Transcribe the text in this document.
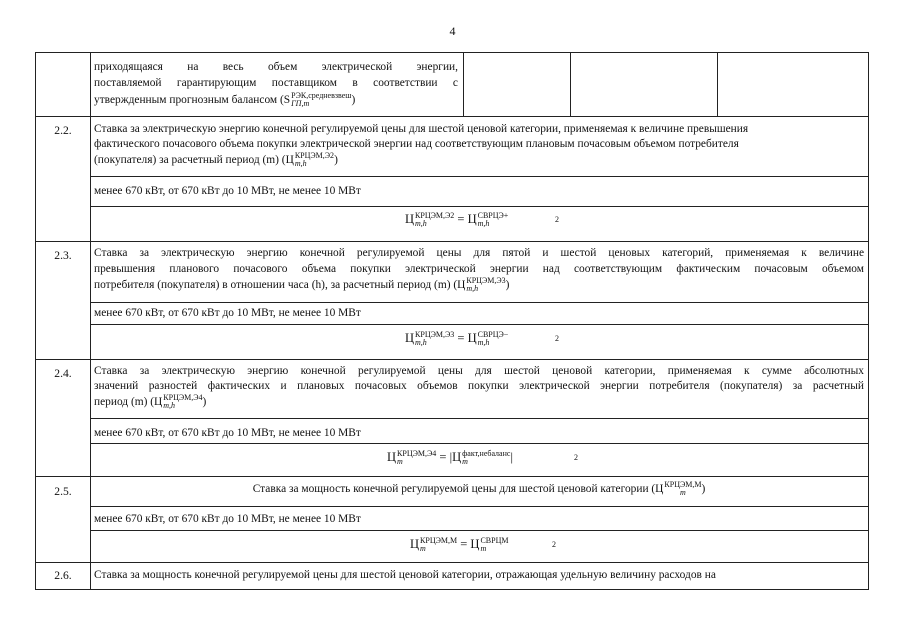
4
приходящаяся на весь объем электрической энергии,
поставляемой гарантирующим поставщиком в соответствии с
утвержденным прогнозным балансом (S РЭК,средневзвеш
ГП,m	)
2.2.	Ставка за электрическую энергию конечной регулируемой цены для шестой ценовой категории, применяемая к величине превышения
фактического почасового объема покупки электрической энергии над соответствующим плановым почасовым объемом потребителя
(покупателя) за расчетный период (m) (Ц КРЦЭМ,Э2
m,h	)
менее 670 кВт, от 670 кВт до 10 МВт, не менее 10 МВт
Ц КРЦЭМ,Э2
m,h	= Ц СВРЦЭ+
m,h	2
2.3.	Ставка за электрическую энергию конечной регулируемой цены для пятой и шестой ценовых категорий, применяемая к величине
превышения планового почасового объема покупки электрической энергии над соответствующим фактическим почасовым объемом
потребителя (покупателя) в отношении часа (h), за расчетный период (m) (Ц КРЦЭМ,Э3
m,h	)
менее 670 кВт, от 670 кВт до 10 МВт, не менее 10 МВт
Ц КРЦЭМ,Э3
m,h	= Ц СВРЦЭ−
m,h	2
2.4.	Ставка за электрическую энергию конечной регулируемой цены для шестой ценовой категории, применяемая к сумме абсолютных
значений разностей фактических и плановых почасовых объемов покупки электрической энергии потребителя (покупателя) за расчетный
период (m) (Ц КРЦЭМ,Э4
m,h	)
менее 670 кВт, от 670 кВт до 10 МВт, не менее 10 МВт
Ц КРЦЭМ,Э4
m	= |Ц факт,небаланс
m	|	2
2.5.	Ставка за мощность конечной регулируемой цены для шестой ценовой категории (Ц КРЦЭМ,М
m	)
менее 670 кВт, от 670 кВт до 10 МВт, не менее 10 МВт
Ц КРЦЭМ,М
m	= Ц СВРЦМ
m	2
2.6.	Ставка за мощность конечной регулируемой цены для шестой ценовой категории, отражающая удельную величину расходов на
